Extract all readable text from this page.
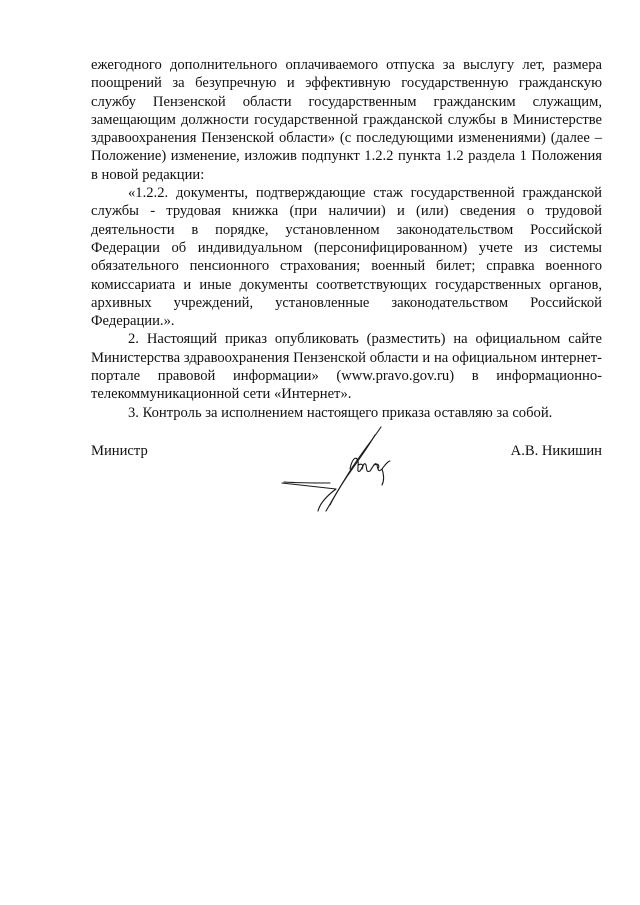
ежегодного дополнительного оплачиваемого отпуска за выслугу лет, размера поощрений за безупречную и эффективную государственную гражданскую службу Пензенской области государственным гражданским служащим, замещающим должности государственной гражданской службы в Министерстве здравоохранения Пензенской области» (с последующими изменениями) (далее – Положение) изменение, изложив подпункт 1.2.2 пункта 1.2 раздела 1 Положения в новой редакции:

«1.2.2. документы, подтверждающие стаж государственной гражданской службы - трудовая книжка (при наличии) и (или) сведения о трудовой деятельности в порядке, установленном законодательством Российской Федерации об индивидуальном (персонифицированном) учете из системы обязательного пенсионного страхования; военный билет; справка военного комиссариата и иные документы соответствующих государственных органов, архивных учреждений, установленные законодательством Российской Федерации.».

2. Настоящий приказ опубликовать (разместить) на официальном сайте Министерства здравоохранения Пензенской области и на официальном интернет-портале правовой информации» (www.pravo.gov.ru) в информационно-телекоммуникационной сети «Интернет».

3. Контроль за исполнением настоящего приказа оставляю за собой.

Министр	А.В. Никишин
